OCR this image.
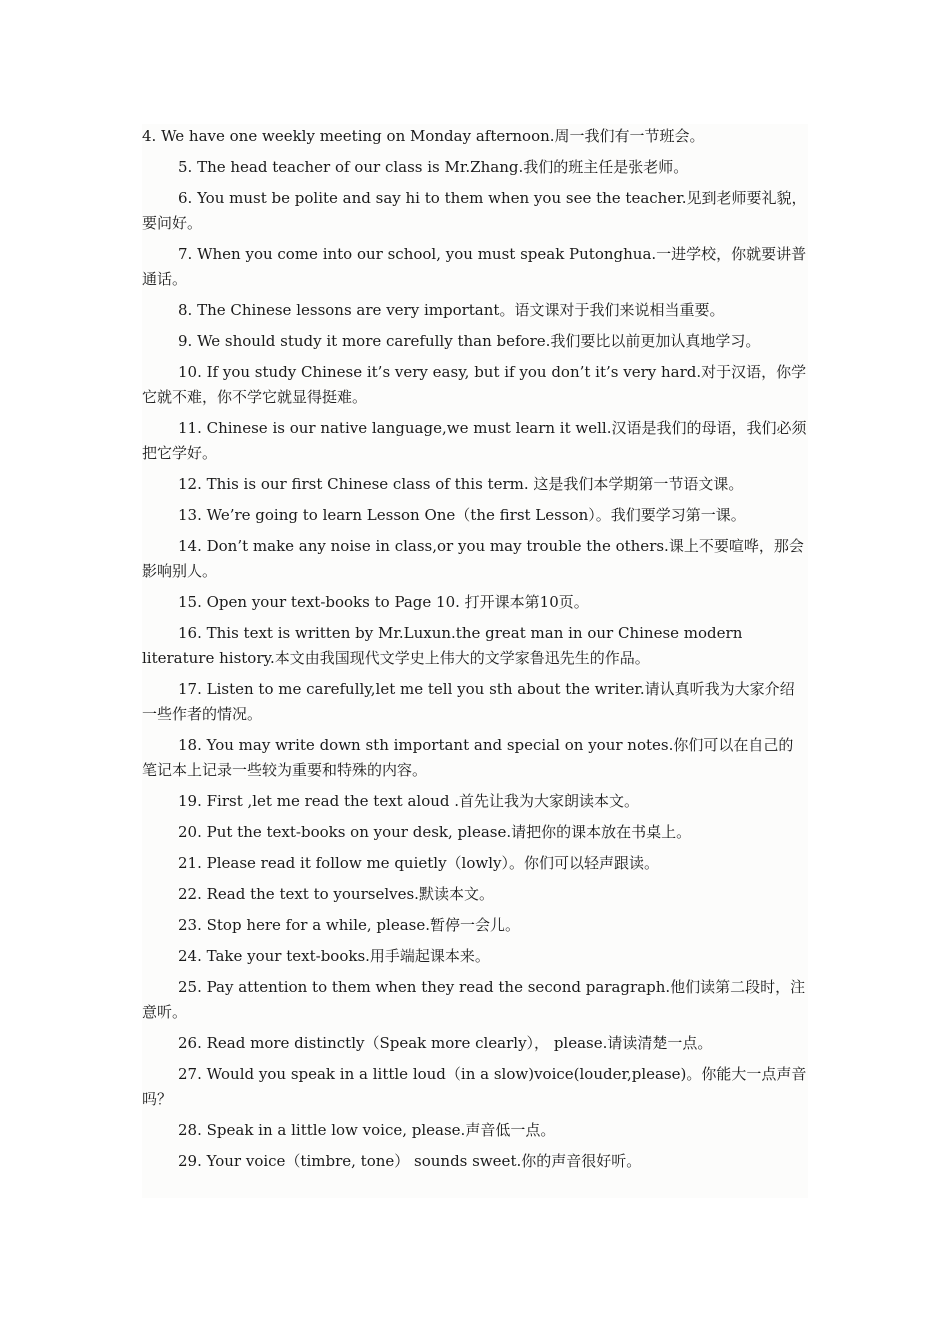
4. We have one weekly meeting on Monday afternoon.周一我们有一节班会。

5. The head teacher of our class is Mr.Zhang.我们的班主任是张老师。

6. You must be polite and say hi to them when you see the teacher.见到老师要礼貌，要问好。

7. When you come into our school, you must speak Putonghua.一进学校，你就要讲普通话。

8. The Chinese lessons are very important。语文课对于我们来说相当重要。

9. We should study it more carefully than before.我们要比以前更加认真地学习。

10. If you study Chinese it’s very easy, but if you don’t it’s very hard.对于汉语，你学它就不难，你不学它就显得挺难。

11. Chinese is our native language,we must learn it well.汉语是我们的母语，我们必须把它学好。

12. This is our first Chinese class of this term. 这是我们本学期第一节语文课。

13. We’re going to learn Lesson One（the first Lesson）。我们要学习第一课。

14. Don’t make any noise in class,or you may trouble the others.课上不要喧哗，那会影响别人。

15. Open your text-books to Page 10. 打开课本第10页。

16. This text is written by Mr.Luxun.the great man in our Chinese modern literature history.本文由我国现代文学史上伟大的文学家鲁迅先生的作品。

17. Listen to me carefully,let me tell you sth about the writer.请认真听我为大家介绍一些作者的情况。

18. You may write down sth important and special on your notes.你们可以在自己的笔记本上记录一些较为重要和特殊的内容。

19. First ,let me read the text aloud .首先让我为大家朗读本文。

20. Put the text-books on your desk, please.请把你的课本放在书桌上。

21. Please read it follow me quietly（lowly）。你们可以轻声跟读。

22. Read the text to yourselves.默读本文。

23. Stop here for a while, please.暂停一会儿。

24. Take your text-books.用手端起课本来。

25. Pay attention to them when they read the second paragraph.他们读第二段时，注意听。

26. Read more distinctly（Speak more clearly）， please.请读清楚一点。

27. Would you speak in a little loud（in a slow)voice(louder,please)。你能大一点声音吗？

28. Speak in a little low voice, please.声音低一点。

29. Your voice（timbre, tone） sounds sweet.你的声音很好听。
